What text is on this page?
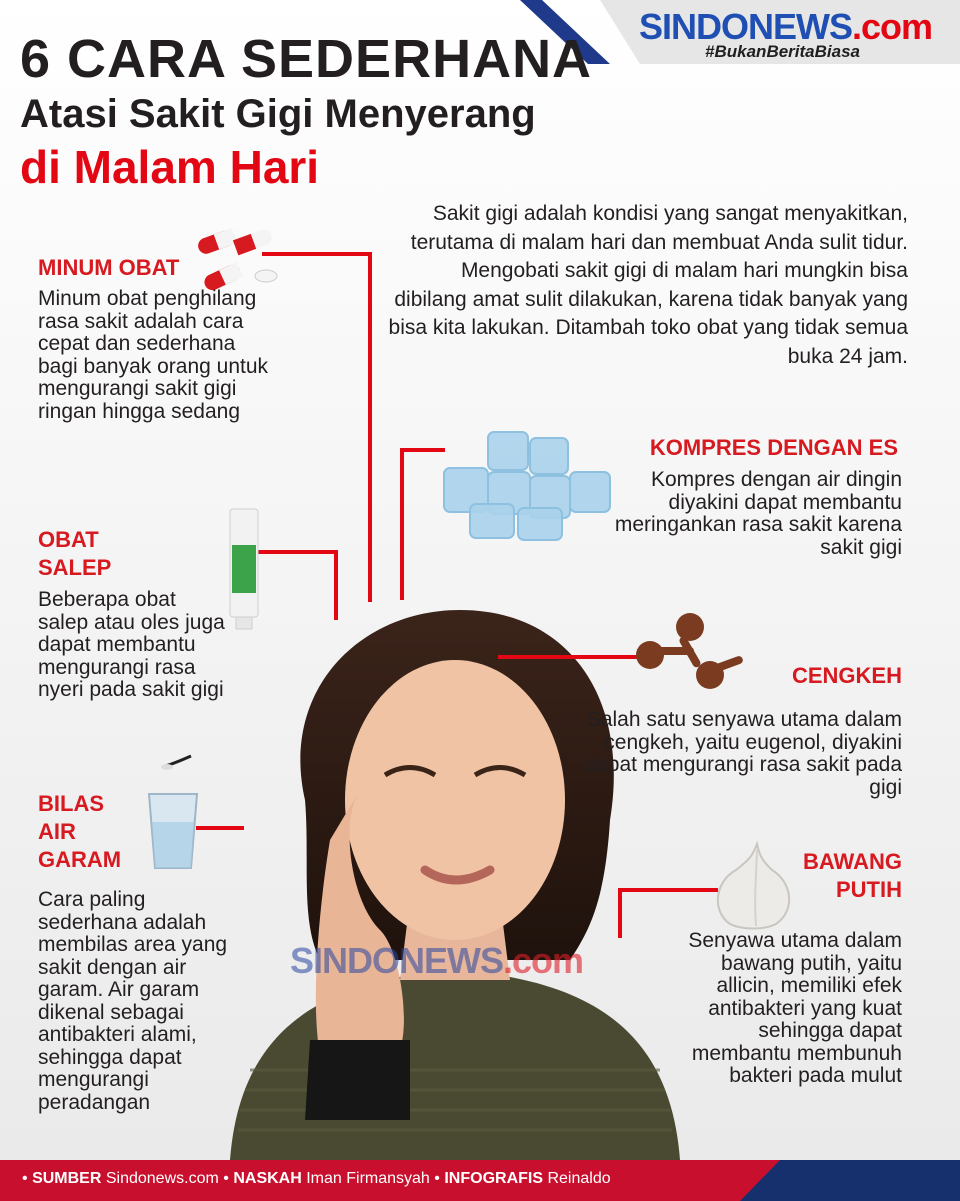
SINDONEWS.com
#BukanBeritaBiasa
6 CARA SEDERHANA
Atasi Sakit Gigi Menyerang
di Malam Hari
Sakit gigi adalah kondisi yang sangat menyakitkan, terutama di malam hari dan membuat Anda sulit tidur. Mengobati sakit gigi di malam hari mungkin bisa dibilang amat sulit dilakukan, karena tidak banyak yang bisa kita lakukan. Ditambah toko obat yang tidak semua buka 24 jam.
SINDONEWS.com
MINUM OBAT
Minum obat penghilang rasa sakit adalah cara cepat dan sederhana bagi banyak orang untuk mengurangi sakit gigi ringan hingga sedang
OBAT
SALEP
Beberapa obat salep atau oles juga dapat membantu mengurangi rasa nyeri pada sakit gigi
BILAS
AIR
GARAM
Cara paling sederhana adalah membilas area yang sakit dengan air garam. Air garam dikenal sebagai antibakteri alami, sehingga dapat mengurangi peradangan
KOMPRES DENGAN ES
Kompres dengan air dingin diyakini dapat membantu meringankan rasa sakit karena sakit gigi
CENGKEH
Salah satu senyawa utama dalam cengkeh, yaitu eugenol, diyakini dapat mengurangi rasa sakit pada gigi
BAWANG
PUTIH
Senyawa utama dalam bawang putih, yaitu allicin, memiliki efek antibakteri yang kuat sehingga dapat membantu membunuh bakteri pada mulut
• SUMBER Sindonews.com • NASKAH Iman Firmansyah • INFOGRAFIS Reinaldo
